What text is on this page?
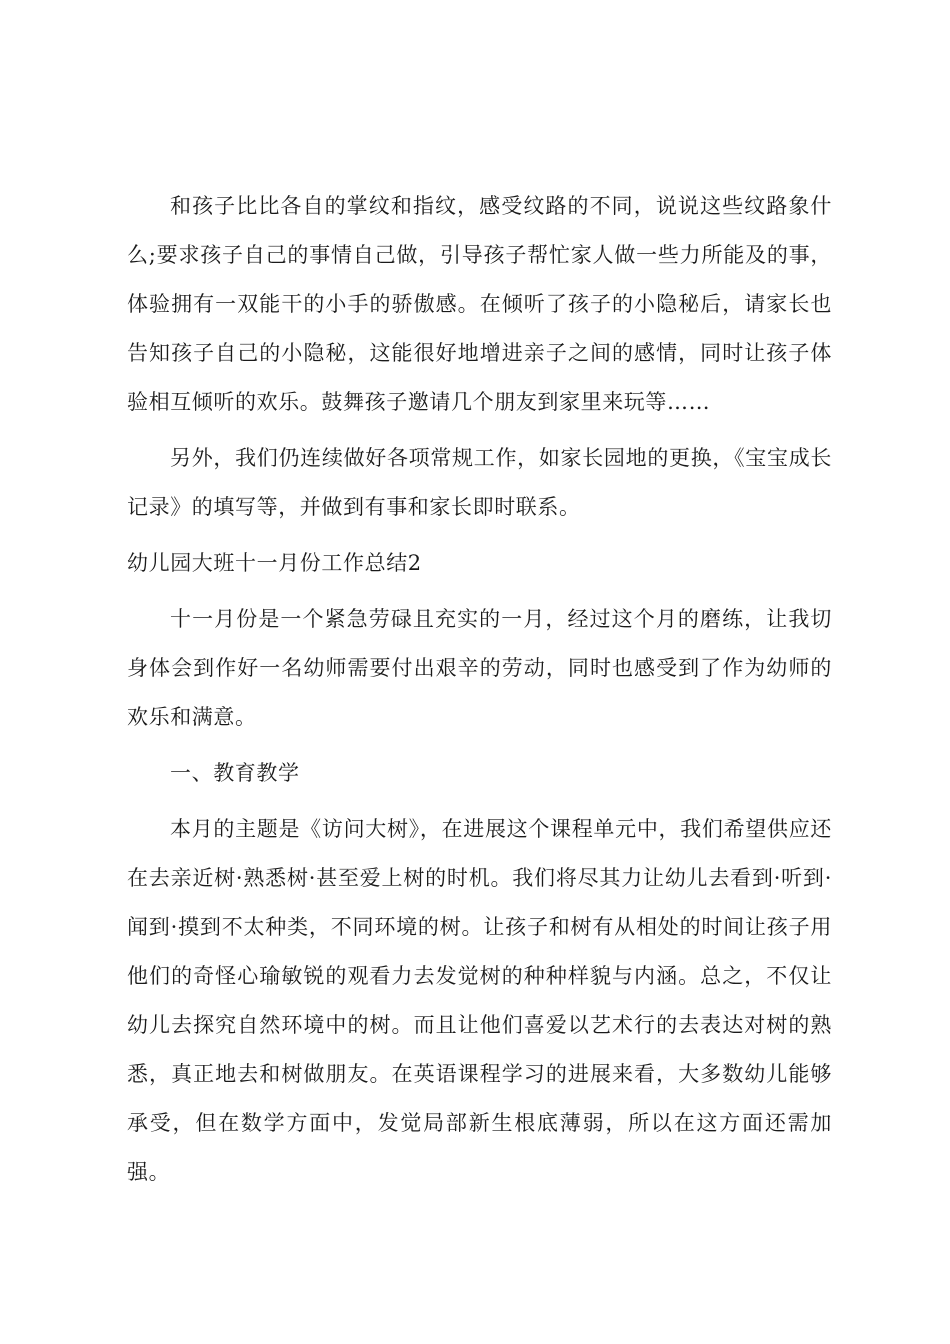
和孩子比比各自的掌纹和指纹，感受纹路的不同，说说这些纹路象什么;要求孩子自己的事情自己做，引导孩子帮忙家人做一些力所能及的事，体验拥有一双能干的小手的骄傲感。在倾听了孩子的小隐秘后，请家长也告知孩子自己的小隐秘，这能很好地增进亲子之间的感情，同时让孩子体验相互倾听的欢乐。鼓舞孩子邀请几个朋友到家里来玩等……

另外，我们仍连续做好各项常规工作，如家长园地的更换，《宝宝成长记录》的填写等，并做到有事和家长即时联系。

幼儿园大班十一月份工作总结2

十一月份是一个紧急劳碌且充实的一月，经过这个月的磨练，让我切身体会到作好一名幼师需要付出艰辛的劳动，同时也感受到了作为幼师的欢乐和满意。

一、教育教学

本月的主题是《访问大树》，在进展这个课程单元中，我们希望供应还在去亲近树·熟悉树·甚至爱上树的时机。我们将尽其力让幼儿去看到·听到·闻到·摸到不太种类，不同环境的树。让孩子和树有从相处的时间让孩子用他们的奇怪心瑜敏锐的观看力去发觉树的种种样貌与内涵。总之，不仅让幼儿去探究自然环境中的树。而且让他们喜爱以艺术行的去表达对树的熟悉，真正地去和树做朋友。在英语课程学习的进展来看，大多数幼儿能够承受，但在数学方面中，发觉局部新生根底薄弱，所以在这方面还需加强。
